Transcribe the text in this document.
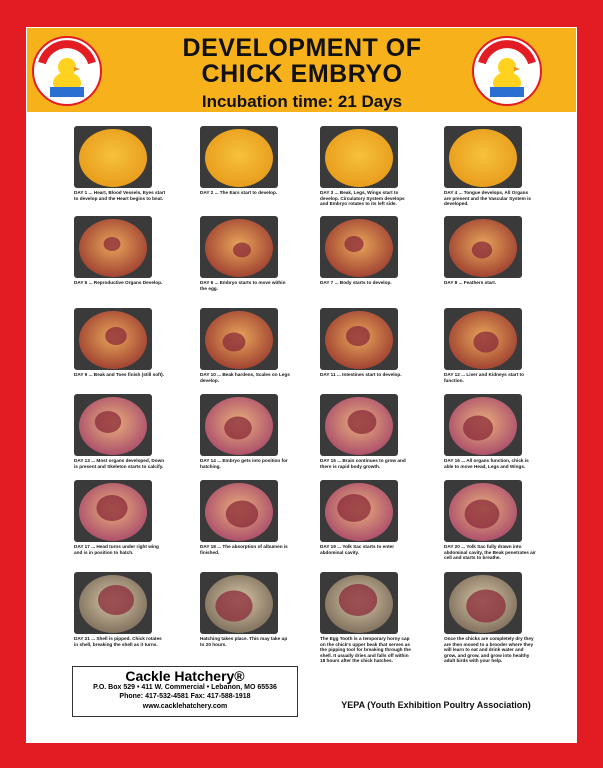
DEVELOPMENT OF
CHICK EMBRYO
Incubation time: 21 Days
DAY 1 ... Heart, Blood Vessels, Eyes start to develop and the Heart begins to beat.
DAY 2 ... The Ears start to develop.	DAY 3 ... Beak, Legs, Wings start to develop. Circulatory System develops and Embryo rotates to its left side.
DAY 4 ... Tongue develops, All Organs are present and the Vascular System is developed.
DAY 5 ... Reproductive Organs Develop.	DAY 6 ... Embryo starts to move within the egg.
DAY 7 ... Body starts to develop.	DAY 8 ... Feathers start.
DAY 9 ... Beak and Toes finish (still soft).	DAY 10 ... Beak hardens, Scales on Legs develop.
DAY 11 ... Intestines start to develop.	DAY 12 ... Liver and Kidneys start to function.
DAY 13 ... Most organs developed, Down is present and Skeleton starts to calcify.
DAY 14 ... Embryo gets into position for hatching.
DAY 15 ... Brain continues to grow and there is rapid body growth.
DAY 16 ... All organs function, chick is able to move Head, Legs and Wings.
DAY 17 ... Head turns under right wing and is in position to hatch.
DAY 18 ... The absorption of albumen is finished.
DAY 19 ... Yolk Sac starts to enter abdominal cavity.
DAY 20 ... Yolk Sac fully drawn into abdominal cavity, the Beak penetrates air cell and starts to breathe.
DAY 21 ... Shell is pipped. Chick rotates in shell, breaking the shell as it turns.
Hatching takes place. This may take up to 20 hours.
The Egg Tooth is a temporary horny cap on the chick's upper beak that serves as the pipping tool for breaking through the shell. It usually dries and falls off within 18 hours after the chick hatches.
Once the chicks are completely dry they are then moved to a brooder where they will learn to eat and drink water and grow, and grow, and grow into healthy adult birds with your help.
Cackle Hatchery®
P.O. Box 529 • 411 W. Commercial • Lebanon, MO 65536
Phone: 417-532-4581 Fax: 417-588-1918
www.cacklehatchery.com	YEPA (Youth Exhibition Poultry Association)
